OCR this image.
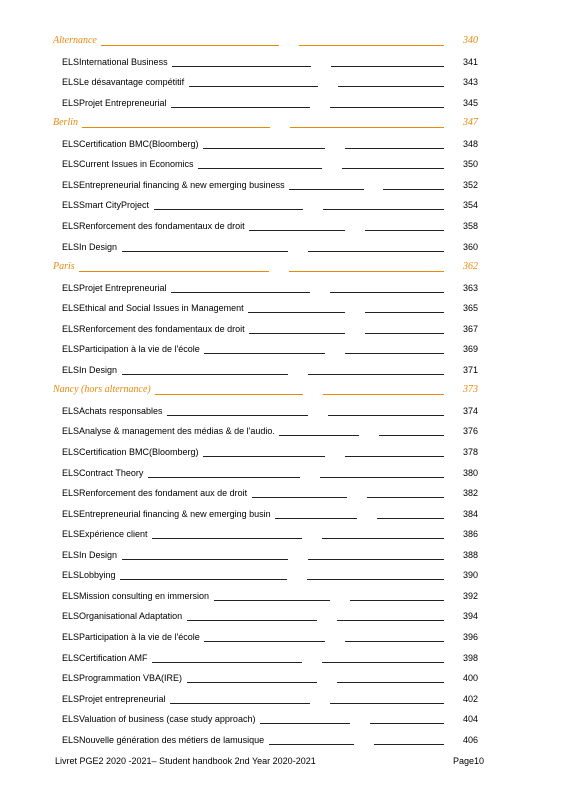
Alternance	340
ELSInternational Business	341
ELSLe désavantage compétitif	343
ELSProjet Entrepreneurial	345
Berlin	347
ELSCertification BMC(Bloomberg)	348
ELSCurrent Issues in Economics	350
ELSEntrepreneurial financing & new emerging business	352
ELSSmart CityProject	354
ELSRenforcement des fondamentaux de droit	358
ELSIn Design	360
Paris	362
ELSProjet Entrepreneurial	363
ELSEthical and Social Issues in Management	365
ELSRenforcement des fondamentaux de droit	367
ELSParticipation à la vie de l'école	369
ELSIn Design	371
Nancy (hors alternance)	373
ELSAchats responsables	374
ELSAnalyse & management des médias & de l'audio.	376
ELSCertification BMC(Bloomberg)	378
ELSContract Theory	380
ELSRenforcement des fondament aux de droit	382
ELSEntrepreneurial financing & new emerging busin	384
ELSExpérience client	386
ELSIn Design	388
ELSLobbying	390
ELSMission consulting en immersion	392
ELSOrganisational Adaptation	394
ELSParticipation à la vie de l'école	396
ELSCertification AMF	398
ELSProgrammation VBA(IRE)	400
ELSProjet entrepreneurial	402
ELSValuation of business (case study approach)	404
ELSNouvelle génération des métiers de lamusique	406
Livret PGE2 2020 -2021– Student handbook 2nd Year 2020-2021	Page10
